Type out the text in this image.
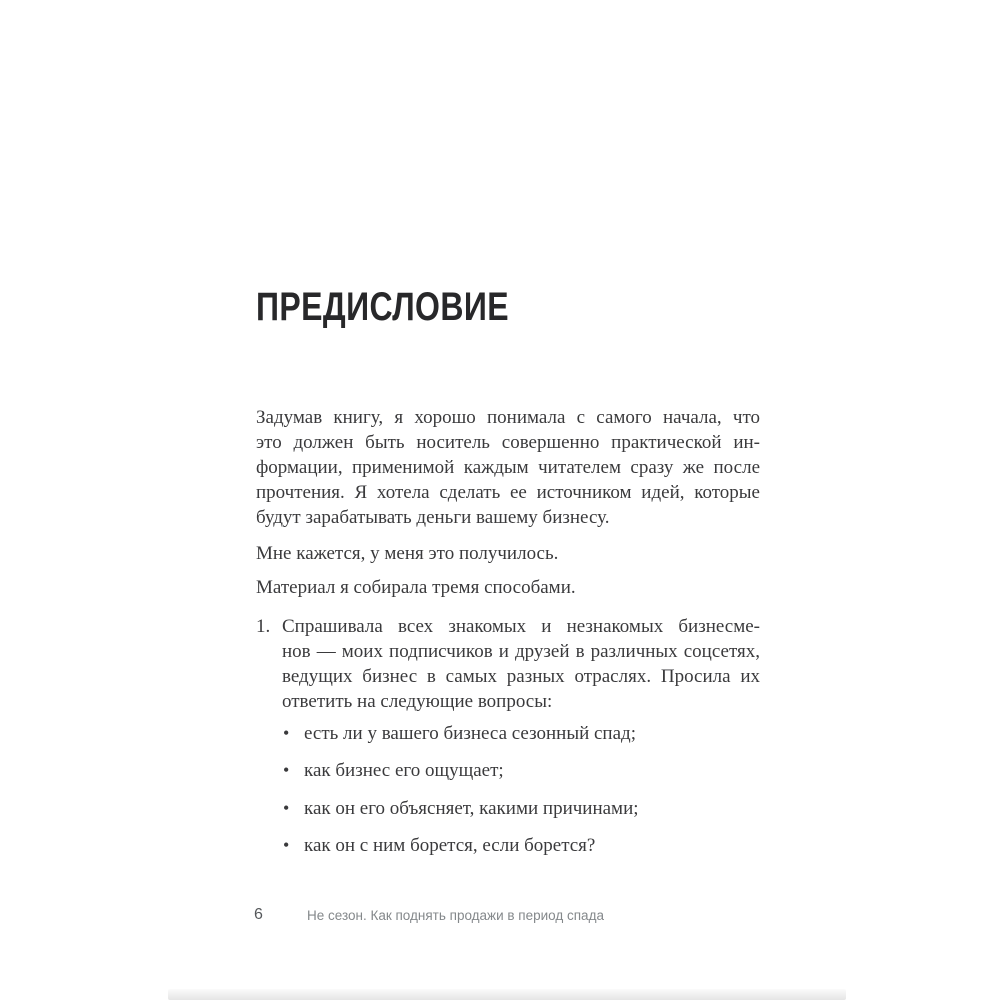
ПРЕДИСЛОВИЕ
Задумав книгу, я хорошо понимала с самого начала, что
это должен быть носитель совершенно практической ин-
формации, применимой каждым читателем сразу же после
прочтения. Я хотела сделать ее источником идей, которые
будут зарабатывать деньги вашему бизнесу.
Мне кажется, у меня это получилось.
Материал я собирала тремя способами.
1. Спрашивала всех знакомых и незнакомых бизнесме-
нов — моих подписчиков и друзей в различных соцсетях,
ведущих бизнес в самых разных отраслях. Просила их
ответить на следующие вопросы:
• есть ли у вашего бизнеса сезонный спад;
• как бизнес его ощущает;
• как он его объясняет, какими причинами;
• как он с ним борется, если борется?
6	Не сезон. Как поднять продажи в период спада
